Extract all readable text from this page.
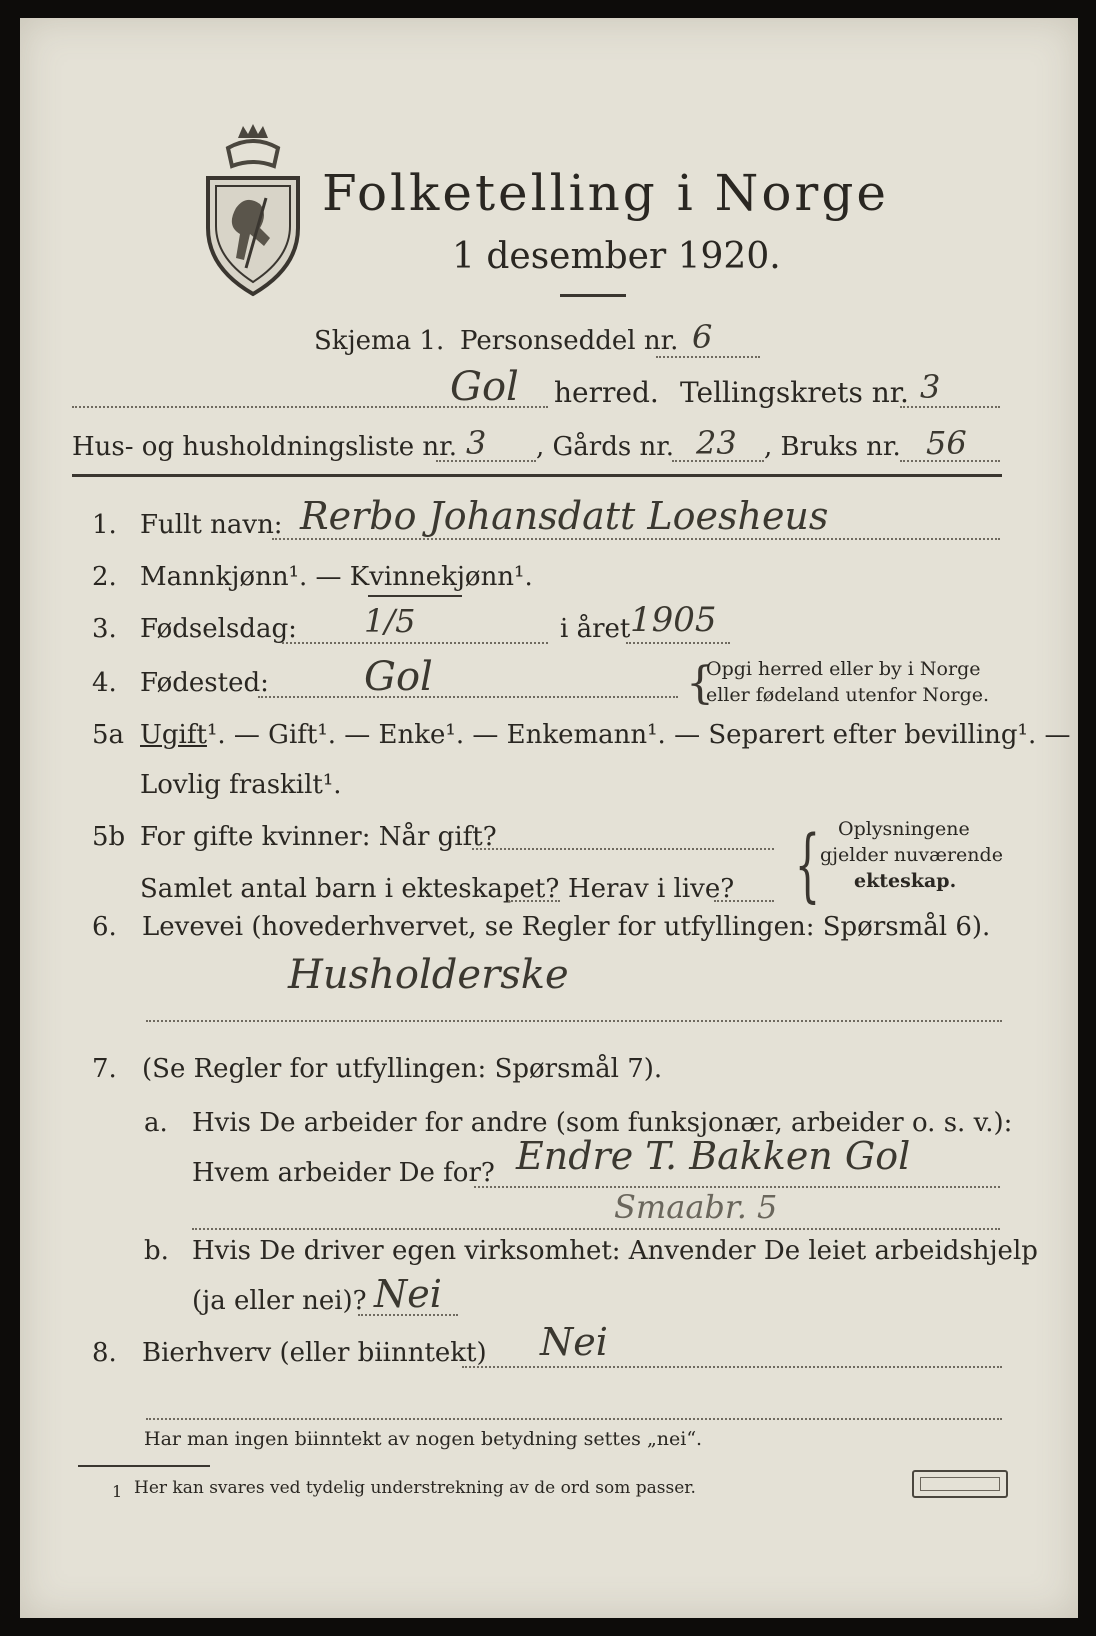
Folketelling i Norge
1 desember 1920.
Skjema 1. Personseddel nr. 6
Gol herred. Tellingskrets nr. 3
Hus- og husholdningsliste nr. 3 , Gårds nr. 23 , Bruks nr. 56
1. Fullt navn: Rerbo Johansdatt Loesheus
2. Mannkjønn¹. — Kvinnekjønn¹.
3. Fødselsdag: 1/5	i året 1905
4. Fødested: Gol	{
Opgi herred eller by i Norge
eller fødeland utenfor Norge.
5a Ugift¹. — Gift¹. — Enke¹. — Enkemann¹. — Separert efter bevilling¹. —
Lovlig fraskilt¹.
5b For gifte kvinner: Når gift?
Samlet antal barn i ekteskapet? Herav i live? { Oplysningene
gjelder nuværende
ekteskap.
6. Levevei (hovederhvervet, se Regler for utfyllingen: Spørsmål 6).
Husholderske
7. (Se Regler for utfyllingen: Spørsmål 7).
a. Hvis De arbeider for andre (som funksjonær, arbeider o. s. v.):
Hvem arbeider De for? Endre T. Bakken Gol
Smaabr. 5
b. Hvis De driver egen virksomhet: Anvender De leiet arbeidshjelp
(ja eller nei)? Nei
8. Bierhverv (eller biinntekt) Nei
Har man ingen biinntekt av nogen betydning settes „nei“.
1 Her kan svares ved tydelig understrekning av de ord som passer.
